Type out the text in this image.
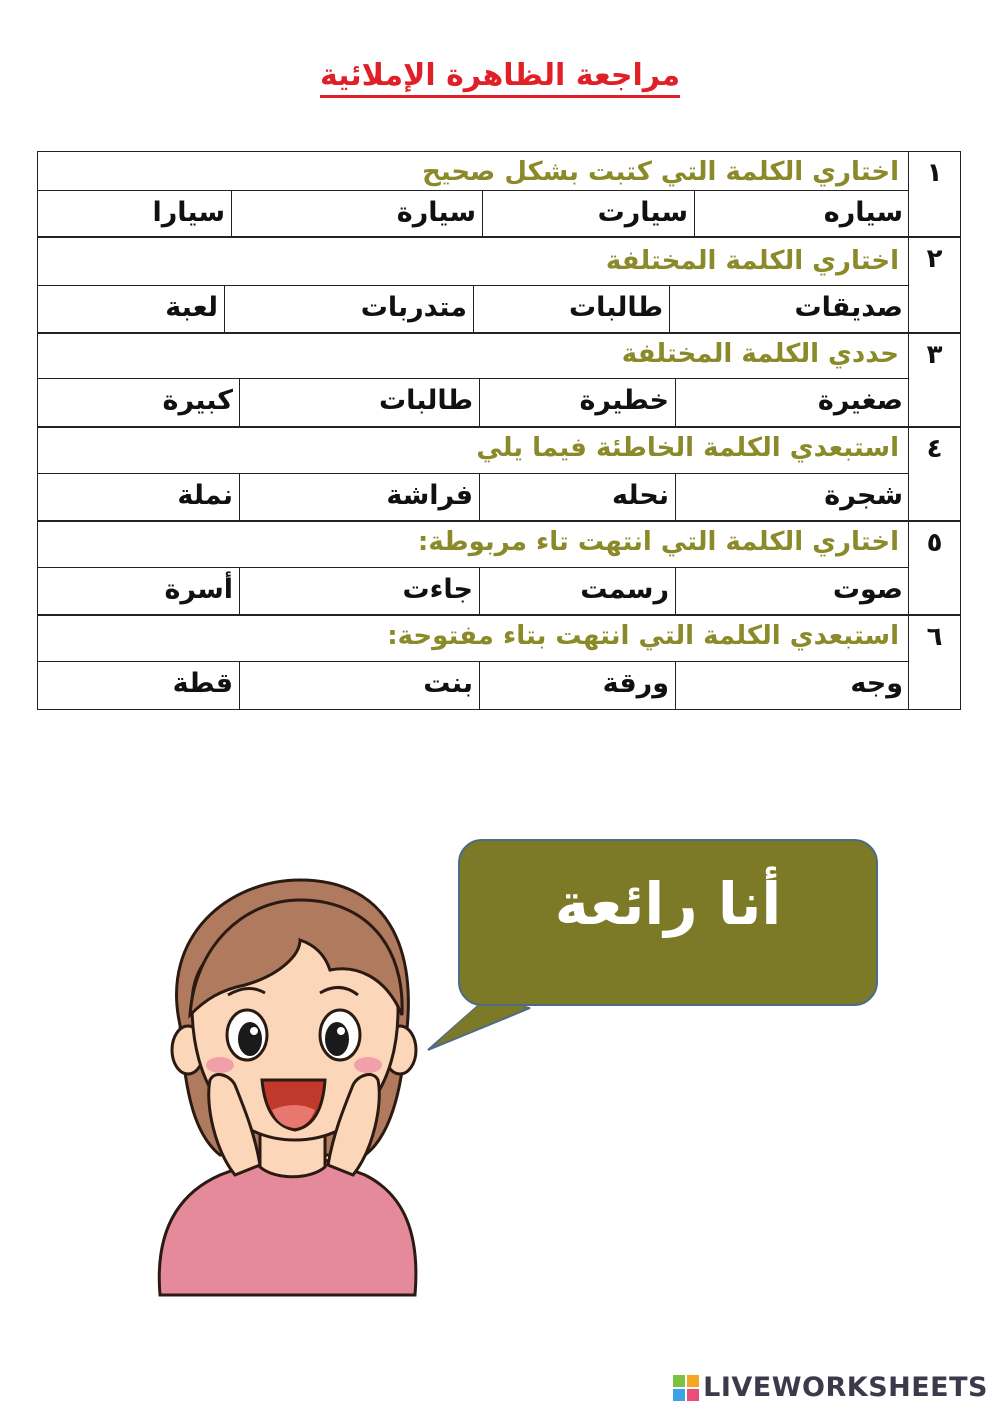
مراجعة الظاهرة الإملائية
١
اختاري الكلمة التي كتبت بشكل صحيح
سياره
سيارت
سيارة
سيارا
٢
اختاري الكلمة المختلفة
صديقات
طالبات
متدربات
لعبة
٣
حددي الكلمة المختلفة
صغيرة
خطيرة
طالبات
كبيرة
٤
استبعدي الكلمة الخاطئة فيما يلي
شجرة
نحله
فراشة
نملة
٥
اختاري الكلمة التي انتهت تاء مربوطة:
صوت
رسمت
جاءت
أسرة
٦
استبعدي الكلمة التي انتهت بتاء مفتوحة:
وجه
ورقة
بنت
قطة
أنا رائعة
LIVEWORKSHEETS
